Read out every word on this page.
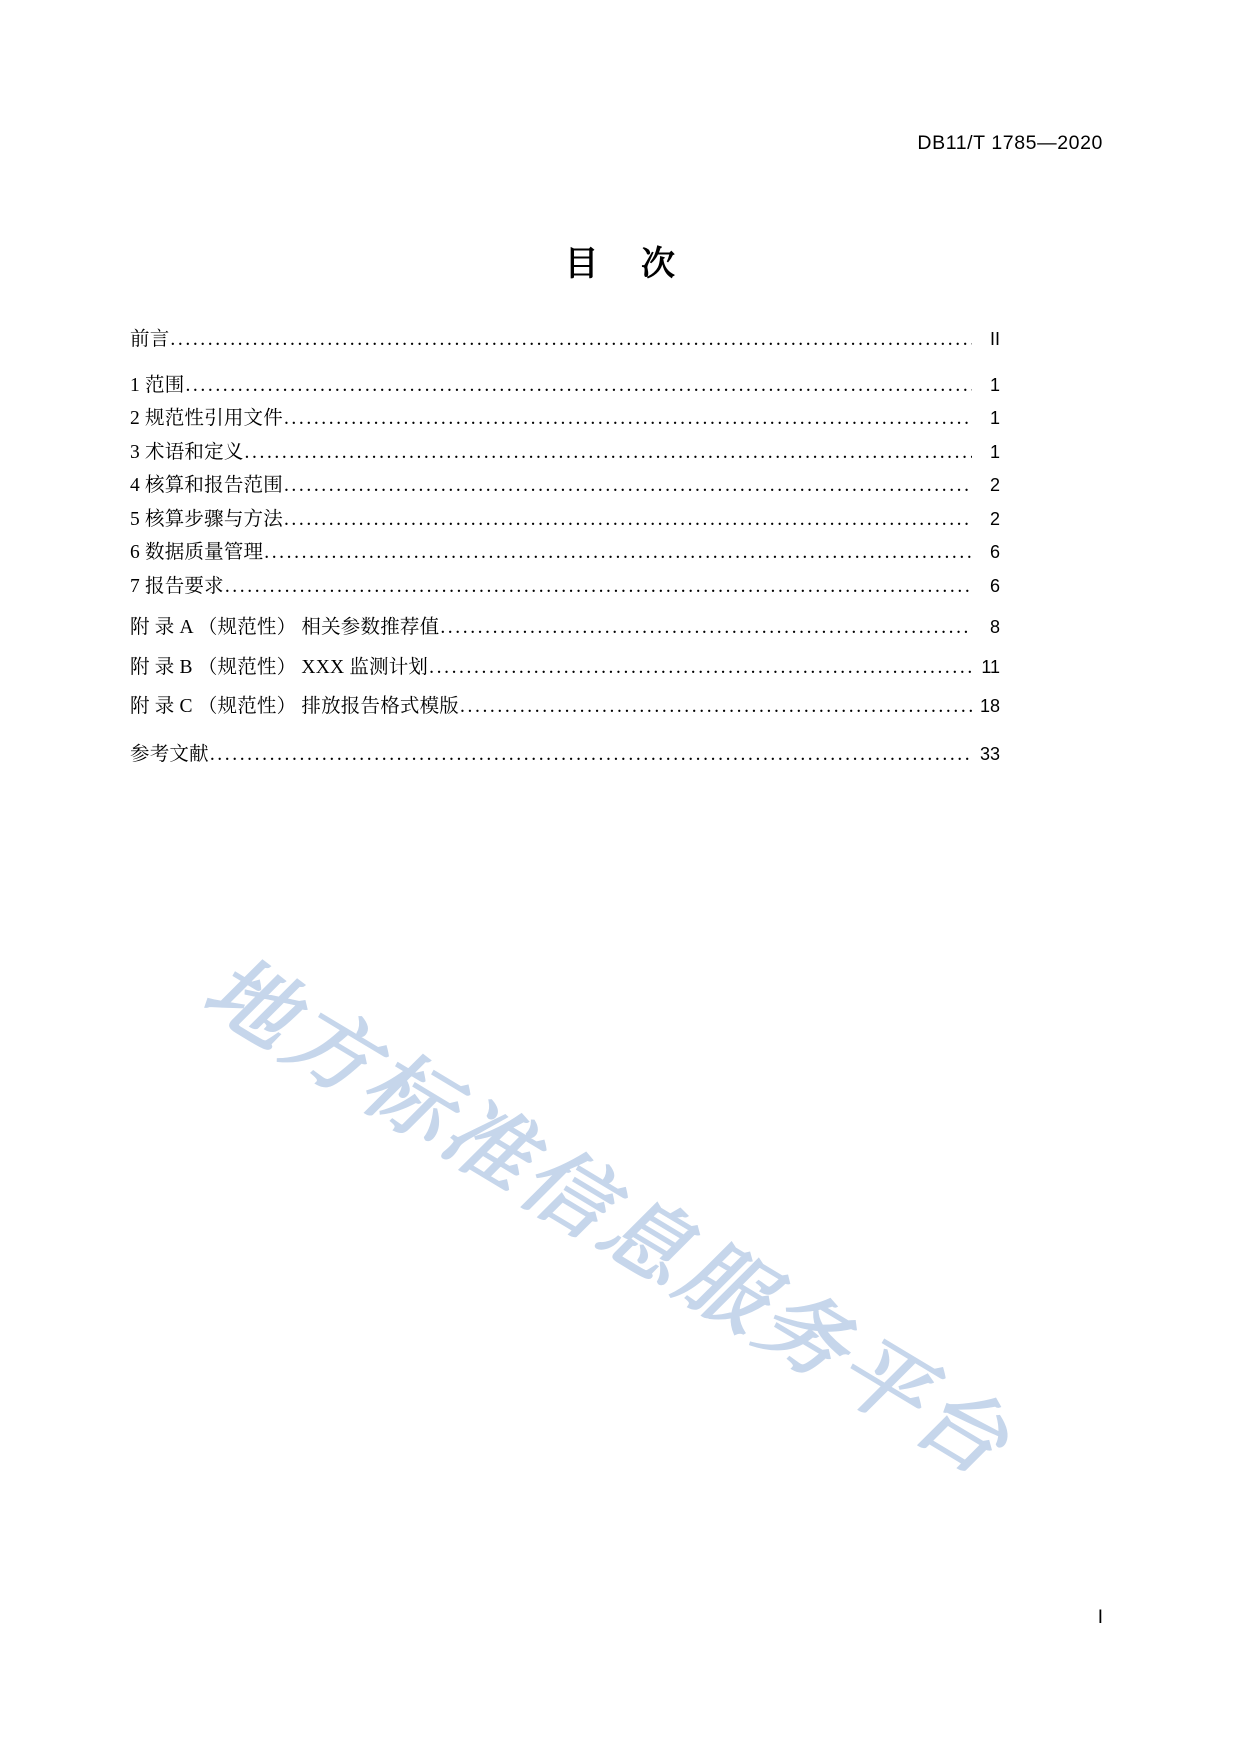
DB11/T 1785—2020
目 次
前言 .....	II
1 范围 .....	1
2 规范性引用文件 .....	1
3 术语和定义 .....	1
4 核算和报告范围 .....	2
5 核算步骤与方法 .....	2
6 数据质量管理 .....	6
7 报告要求 .....	6
附 录 A （规范性） 相关参数推荐值 .....	8
附 录 B （规范性） XXX 监测计划 .....	11
附 录 C （规范性） 排放报告格式模版 .....	18
参考文献 .....	33
地方标准信息服务平台
I
